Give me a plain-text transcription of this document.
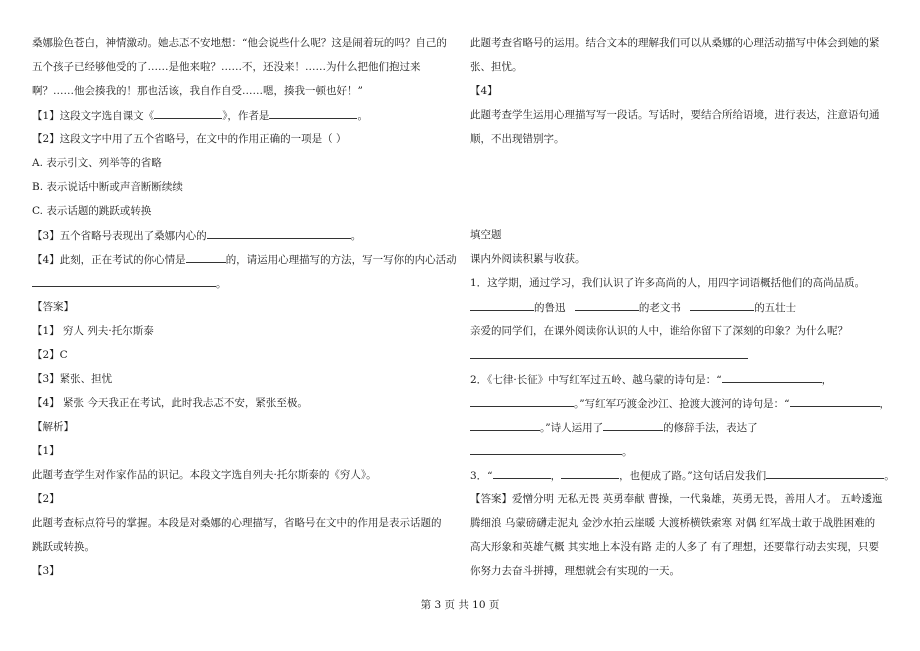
桑娜脸色苍白，神情激动。她忐忑不安地想：“他会说些什么呢？这是闹着玩的吗？自己的
五个孩子已经够他受的了……是他来啦？……不，还没来！……为什么把他们抱过来
啊？……他会揍我的！那也活该，我自作自受……嗯，揍我一顿也好！”
【1】这段文字选自课文《	》，作者是	。
【2】这段文字中用了五个省略号，在文中的作用正确的一项是（ ）
A. 表示引文、列举等的省略
B. 表示说话中断或声音断断续续
C. 表示话题的跳跃或转换
【3】五个省略号表现出了桑娜内心的	。
【4】此刻，正在考试的你心情是	的，请运用心理描写的方法，写一写你的内心活动
。
【答案】
【1】 穷人 列夫·托尔斯泰
【2】C
【3】紧张、担忧
【4】 紧张 今天我正在考试，此时我忐忑不安，紧张至极。
【解析】
【1】
此题考查学生对作家作品的识记。本段文字选自列夫·托尔斯泰的《穷人》。
【2】
此题考查标点符号的掌握。本段是对桑娜的心理描写，省略号在文中的作用是表示话题的
跳跃或转换。
【3】
此题考查省略号的运用。结合文本的理解我们可以从桑娜的心理活动描写中体会到她的紧
张、担忧。
【4】
此题考查学生运用心理描写写一段话。写话时，要结合所给语境，进行表达，注意语句通
顺，不出现错别字。
填空题
课内外阅读积累与收获。
1．这学期，通过学习，我们认识了许多高尚的人，用四字词语概括他们的高尚品质。
的鲁迅	的老文书	的五壮士
亲爱的同学们，在课外阅读你认识的人中，谁给你留下了深刻的印象？为什么呢？
2．《七律·长征》中写红军过五岭、越乌蒙的诗句是：“	，
。”写红军巧渡金沙江、抢渡大渡河的诗句是：“	，
。”诗人运用了	的修辞手法，表达了
。
3．“	，	，也便成了路。”这句话启发我们	。
【答案】爱憎分明 无私无畏 英勇奉献 曹操，一代枭雄，英勇无畏，善用人才。 五岭逶迤
腾细浪 乌蒙磅礴走泥丸 金沙水拍云崖暖 大渡桥横铁索寒 对偶 红军战士敢于战胜困难的
高大形象和英雄气概 其实地上本没有路 走的人多了 有了理想，还要靠行动去实现，只要
你努力去奋斗拼搏，理想就会有实现的一天。
第 3 页 共 10 页
